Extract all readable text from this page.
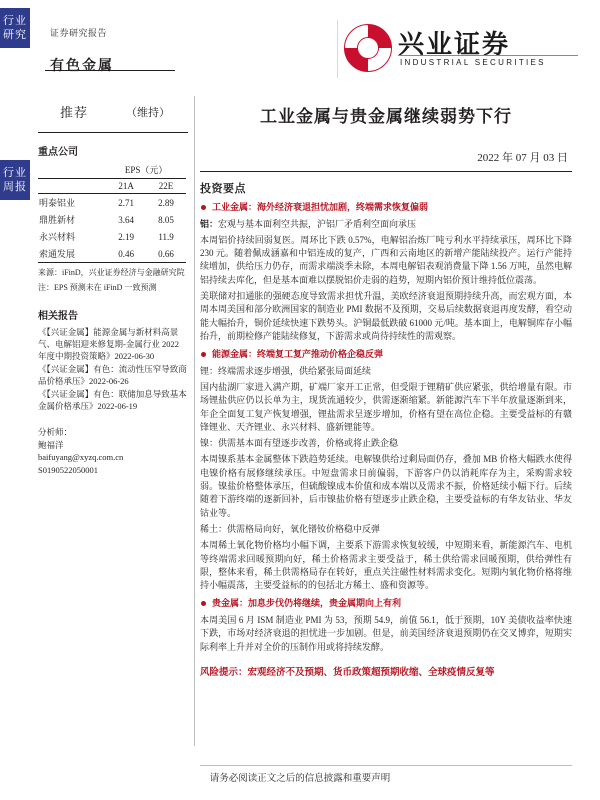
行业研究
行业周报
证券研究报告
有色金属
兴业证券
INDUSTRIAL SECURITIES
推荐	（维持）
重点公司
	EPS（元）	
	21A	22E
明泰铝业	2.71	2.89
鼎胜新材	3.64	8.05
永兴材料	2.19	11.9
索通发展	0.46	0.66
来源：iFinD，兴业证券经济与金融研究院
注：EPS 预测未在 iFinD 一致预测
相关报告
《【兴证金属】能源金属与新材料高景气、电解铝迎来修复期-金属行业 2022 年度中期投资策略》2022-06-30
《【兴证金属】有色：流动性压窄导致商品价格承压》2022-06-26
《【兴证金属】有色：联储加息导致基本金属价格承压》2022-06-19
分析师：
鲍福洋
baifuyang@xyzq.com.cn
S0190522050001
工业金属与贵金属继续弱势下行
2022 年 07 月 03 日
投资要点
工业金属：海外经济衰退担忧加剧，终端需求恢复偏弱
铝：宏观与基本面利空共振，沪铝厂矛盾利空面向承压
本周铝价持续回弱复医。周环比下跌 0.57%，电解铝治炼厂吨亏利水平持续承压，周环比下降 230 元。随着佩成涵嘉和中铝连成的复产，广西和云南地区的新增产能陆续投产。运行产能持续增加，供给压力仍存，而需求端淡季未除，本周电解铝表观消费量下降 1.56 万吨，虽然电解铝持续去库化，但是基本面难以摆脱铝价走弱的趋势，短期内铝价预计维持低位震荡。
美联储对扣通胀的强硬态度导致需求担忧升温，美欧经济衰退预期持续升高，而宏观方面，本周本周美国和部分欧洲国家的制造业 PMI 数据不及预期，交易后续数据衰退再度发酵，看空动能大幅抬升，铜价延续快速下跌势头。沪铜最低跌破 61000 元/吨。基本面上，电解铜库存小幅抬升，前期检修产能陆续修复，下游需求或尚待持续性的需观察。
能源金属：终端复工复产推动价格企稳反弹
锂：终端需求逐步增强，供给紧张局面延续
国内盐湖厂家进入满产期，矿端厂家开工正常，但受限于锂精矿供应紧张，供给增量有限。市场锂盐供应仍以长单为主，现货流通较少，供需逐渐缩紧。新能源汽车下半年放量逐渐到来，年企全面复工复产恢复增强，锂盐需求呈逐步增加，价格有望在高位企稳。主要受益标的有赣锋锂业、天齐锂业、永兴材料、盛新锂能等。
镍：供需基本面有望逐步改善，价格或将止跌企稳
本周镍系基本金属整体下跌趋势延续。电解镍供给过剩局面仍存，叠加 MB 价格大幅跌水使得电镍价格有展修继续承压。中短盘需求日前偏弱，下游客户仍以消耗库存为主，采购需求较弱。镍盐价格整体承压，但硫酸镍成本价值和成本端以及需求不振，价格延续小幅下行。后续随着下游终端的逐新回补，后市镍盐价格有望逐步止跌企稳，主要受益标的有华友钴业、华友钴业等。
稀土：供需格局向好，氧化镨钕价格稳中反弹
本周稀土氧化物价格均小幅下调，主要系下游需求恢复较缓，中短期来看，新能源汽车、电机等终端需求回暖预期向好，稀土价格需求主要受益于，稀土供给需求回暖预期，供给弹性有限，整体来看，稀土供需格局存在转好，重点关注磁性材料需求变化。短期内氧化物价格将维持小幅震荡，主要受益标的的包括北方稀土、盛和资源等。
贵金属：加息步伐仍将继续，贵金属期向上有利
本周美国 6 月 ISM 制造业 PMI 为 53，预期 54.9，前值 56.1，低于预期，10Y 美债收益率快速下跌，市场对经济衰退的担忧进一步加剧。但是，前美国经济衰退预期仍在交叉博弈，短期实际利率上升并对全价的压制作用或将持续发酵。
风险提示：宏观经济不及预期、货币政策超预期收缩、全球疫情反复等
请务必阅读正文之后的信息披露和重要声明
